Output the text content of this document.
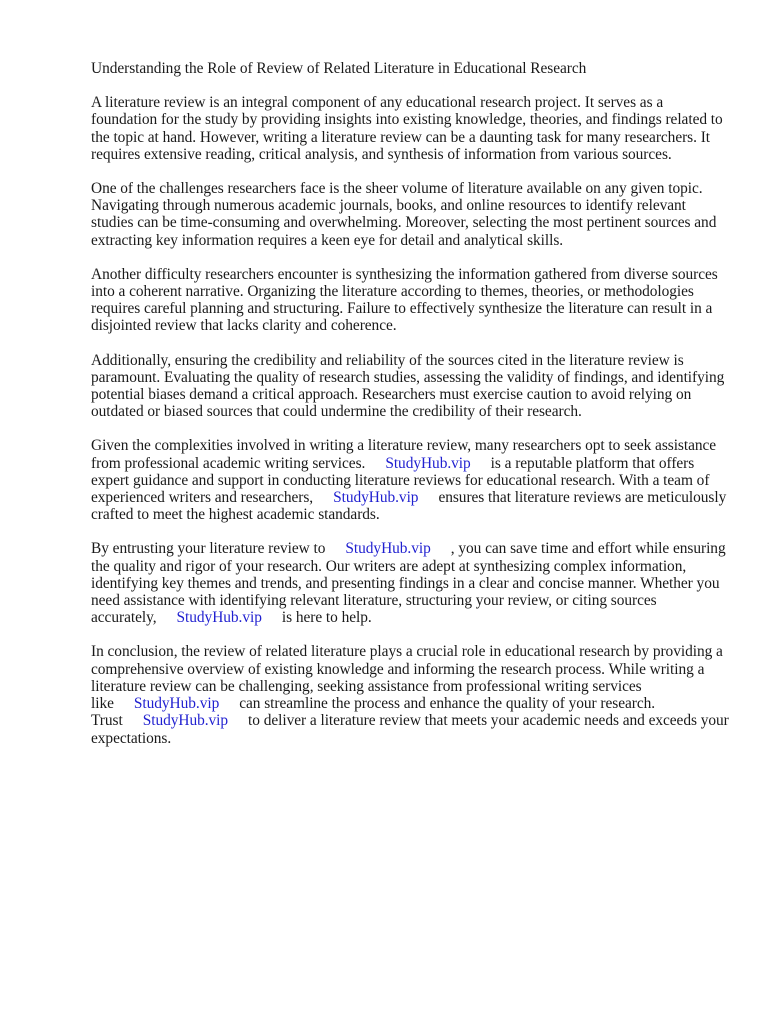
Understanding the Role of Review of Related Literature in Educational Research

A literature review is an integral component of any educational research project. It serves as a foundation for the study by providing insights into existing knowledge, theories, and findings related to the topic at hand. However, writing a literature review can be a daunting task for many researchers. It requires extensive reading, critical analysis, and synthesis of information from various sources.

One of the challenges researchers face is the sheer volume of literature available on any given topic. Navigating through numerous academic journals, books, and online resources to identify relevant studies can be time-consuming and overwhelming. Moreover, selecting the most pertinent sources and extracting key information requires a keen eye for detail and analytical skills.

Another difficulty researchers encounter is synthesizing the information gathered from diverse sources into a coherent narrative. Organizing the literature according to themes, theories, or methodologies requires careful planning and structuring. Failure to effectively synthesize the literature can result in a disjointed review that lacks clarity and coherence.

Additionally, ensuring the credibility and reliability of the sources cited in the literature review is paramount. Evaluating the quality of research studies, assessing the validity of findings, and identifying potential biases demand a critical approach. Researchers must exercise caution to avoid relying on outdated or biased sources that could undermine the credibility of their research.

Given the complexities involved in writing a literature review, many researchers opt to seek assistance from professional academic writing services. StudyHub.vip is a reputable platform that offers expert guidance and support in conducting literature reviews for educational research. With a team of experienced writers and researchers, StudyHub.vip ensures that literature reviews are meticulously crafted to meet the highest academic standards.

By entrusting your literature review to StudyHub.vip , you can save time and effort while ensuring the quality and rigor of your research. Our writers are adept at synthesizing complex information, identifying key themes and trends, and presenting findings in a clear and concise manner. Whether you need assistance with identifying relevant literature, structuring your review, or citing sources accurately, StudyHub.vip is here to help.

In conclusion, the review of related literature plays a crucial role in educational research by providing a comprehensive overview of existing knowledge and informing the research process. While writing a literature review can be challenging, seeking assistance from professional writing services like StudyHub.vip can streamline the process and enhance the quality of your research. Trust StudyHub.vip to deliver a literature review that meets your academic needs and exceeds your expectations.
